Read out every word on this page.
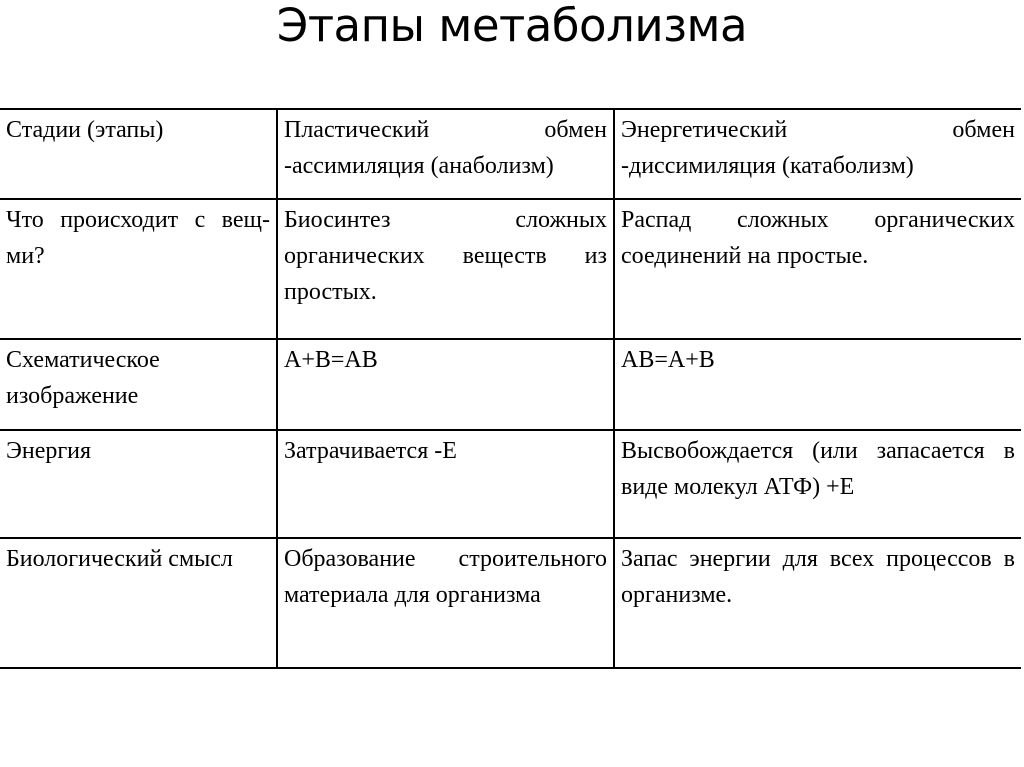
Этапы метаболизма
Стадии (этапы)	Пластический обмен -ассимиляция (анаболизм)	Энергетический обмен -диссимиляция (катаболизм)

Что происходит с вещ-ми?	Биосинтез сложных органических веществ из простых.	Распад сложных органических соединений на простые.

Схематическое изображение	A+B=AB	AB=A+B

Энергия	Затрачивается -Е	Высвобождается (или запасается в виде молекул АТФ) +Е

Биологический смысл	Образование строительного материала для организма	Запас энергии для всех процессов в организме.
